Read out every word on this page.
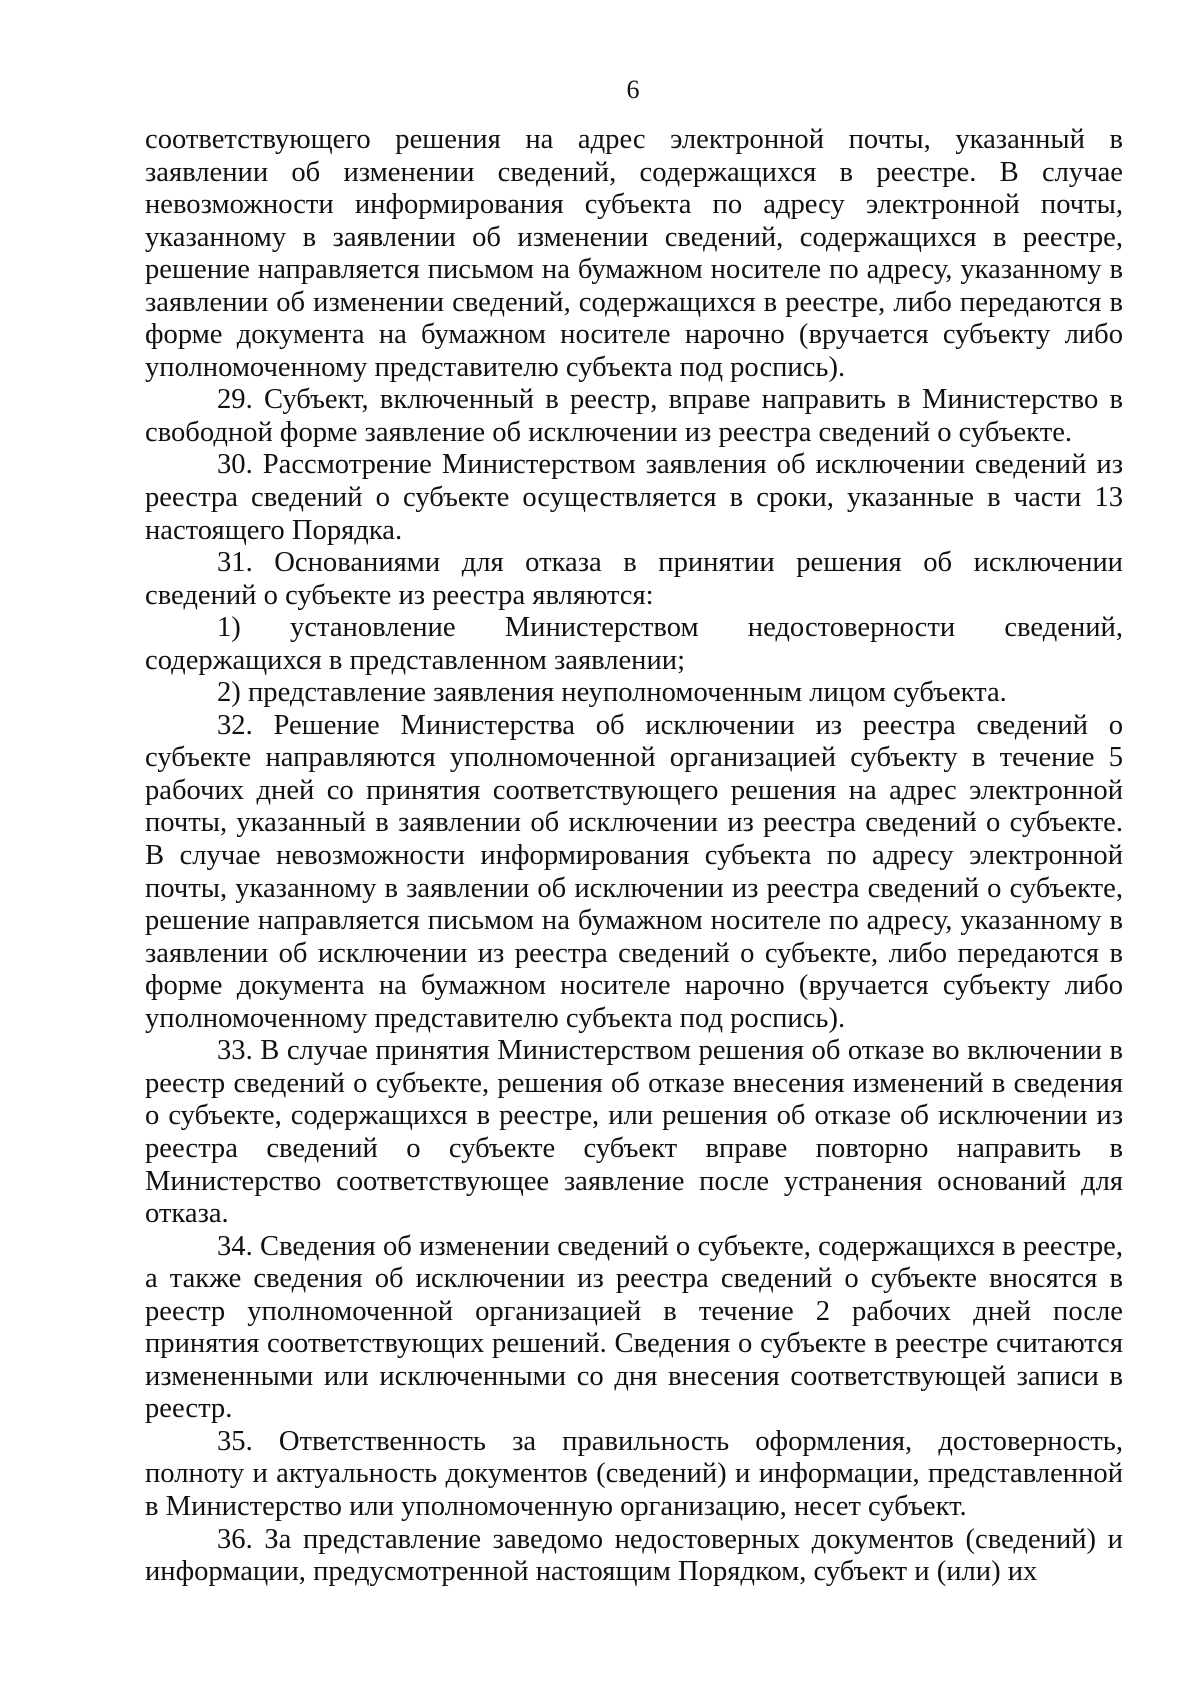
6

соответствующего решения на адрес электронной почты, указанный в заявлении об изменении сведений, содержащихся в реестре. В случае невозможности информирования субъекта по адресу электронной почты, указанному в заявлении об изменении сведений, содержащихся в реестре, решение направляется письмом на бумажном носителе по адресу, указанному в заявлении об изменении сведений, содержащихся в реестре, либо передаются в форме документа на бумажном носителе нарочно (вручается субъекту либо уполномоченному представителю субъекта под роспись).

29. Субъект, включенный в реестр, вправе направить в Министерство в свободной форме заявление об исключении из реестра сведений о субъекте.

30. Рассмотрение Министерством заявления об исключении сведений из реестра сведений о субъекте осуществляется в сроки, указанные в части 13 настоящего Порядка.

31. Основаниями для отказа в принятии решения об исключении сведений о субъекте из реестра являются:

1) установление Министерством недостоверности сведений, содержащихся в представленном заявлении;

2) представление заявления неуполномоченным лицом субъекта.

32. Решение Министерства об исключении из реестра сведений о субъекте направляются уполномоченной организацией субъекту в течение 5 рабочих дней со принятия соответствующего решения на адрес электронной почты, указанный в заявлении об исключении из реестра сведений о субъекте. В случае невозможности информирования субъекта по адресу электронной почты, указанному в заявлении об исключении из реестра сведений о субъекте, решение направляется письмом на бумажном носителе по адресу, указанному в заявлении об исключении из реестра сведений о субъекте, либо передаются в форме документа на бумажном носителе нарочно (вручается субъекту либо уполномоченному представителю субъекта под роспись).

33. В случае принятия Министерством решения об отказе во включении в реестр сведений о субъекте, решения об отказе внесения изменений в сведения о субъекте, содержащихся в реестре, или решения об отказе об исключении из реестра сведений о субъекте субъект вправе повторно направить в Министерство соответствующее заявление после устранения оснований для отказа.

34. Сведения об изменении сведений о субъекте, содержащихся в реестре, а также сведения об исключении из реестра сведений о субъекте вносятся в реестр уполномоченной организацией в течение 2 рабочих дней после принятия соответствующих решений. Сведения о субъекте в реестре считаются измененными или исключенными со дня внесения соответствующей записи в реестр.

35. Ответственность за правильность оформления, достоверность, полноту и актуальность документов (сведений) и информации, представленной в Министерство или уполномоченную организацию, несет субъект.

36. За представление заведомо недостоверных документов (сведений) и информации, предусмотренной настоящим Порядком, субъект и (или) их
